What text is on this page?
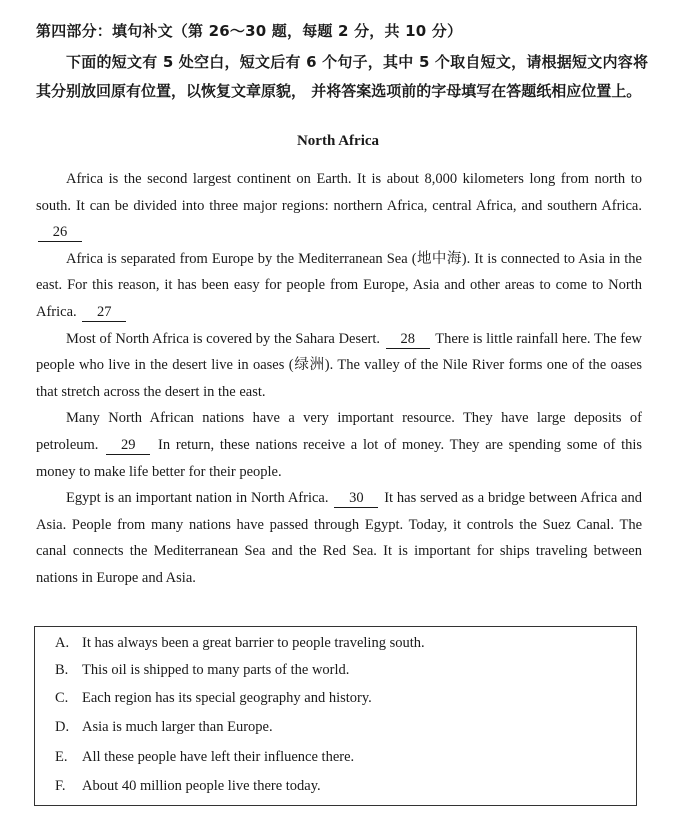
第四部分：填句补文（第 26～30 题，每题 2 分，共 10 分）

下面的短文有 5 处空白，短文后有 6 个句子，其中 5 个取自短文，请根据短文内容将其分别放回原有位置，以恢复文章原貌， 并将答案选项前的字母填写在答题纸相应位置上。

North Africa

Africa is the second largest continent on Earth. It is about 8,000 kilometers long from north to south. It can be divided into three major regions: northern Africa, central Africa, and southern Africa. 26

Africa is separated from Europe by the Mediterranean Sea (地中海). It is connected to Asia in the east. For this reason, it has been easy for people from Europe, Asia and other areas to come to North Africa. 27

Most of North Africa is covered by the Sahara Desert. 28 There is little rainfall here. The few people who live in the desert live in oases (绿洲). The valley of the Nile River forms one of the oases that stretch across the desert in the east.

Many North African nations have a very important resource. They have large deposits of petroleum. 29 In return, these nations receive a lot of money. They are spending some of this money to make life better for their people.

Egypt is an important nation in North Africa. 30 It has served as a bridge between Africa and Asia. People from many nations have passed through Egypt. Today, it controls the Suez Canal. The canal connects the Mediterranean Sea and the Red Sea. It is important for ships traveling between nations in Europe and Asia.

A. It has always been a great barrier to people traveling south.
B. This oil is shipped to many parts of the world.
C. Each region has its special geography and history.
D. Asia is much larger than Europe.
E. All these people have left their influence there.
F. About 40 million people live there today.
